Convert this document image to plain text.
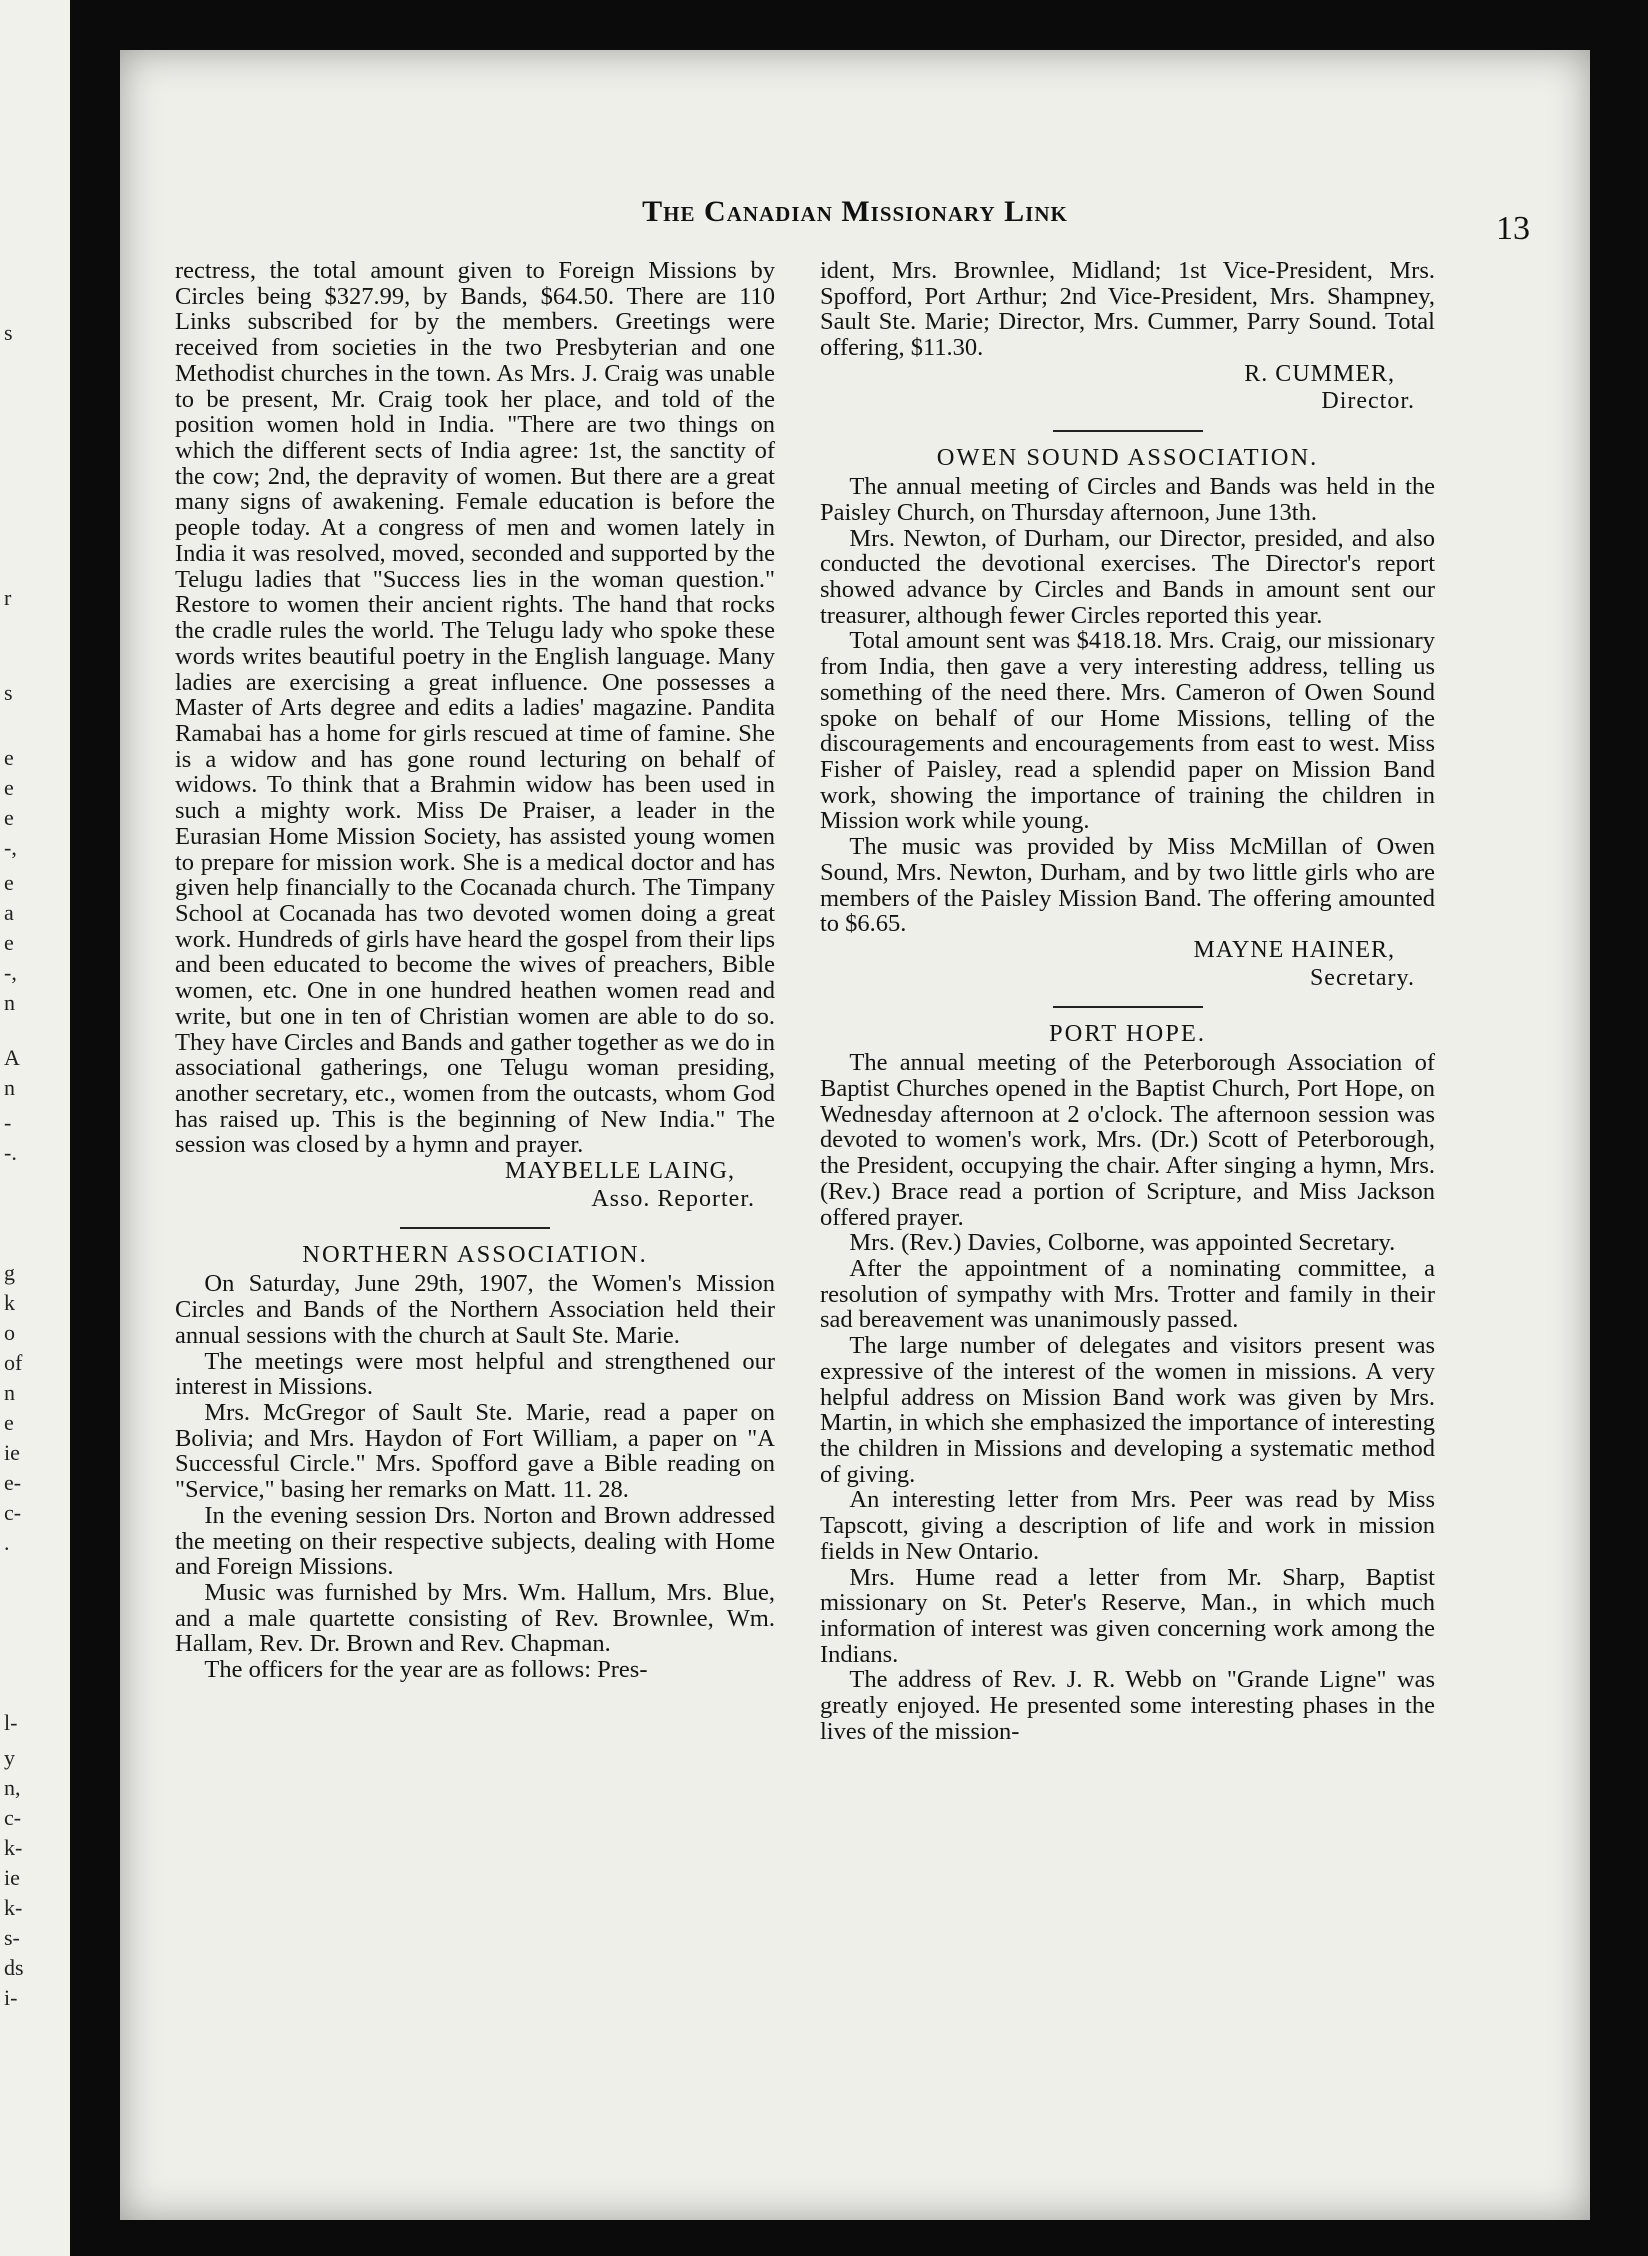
s
r
s
e
e
e
-,
e
a
e
-,
n
A
n
-
-.
g
k
o
of
n
e
ie
e-
c-
.
l-
y
n,
c-
k-
ie
k-
s-
ds
i-
The Canadian Missionary Link	13

rectress, the total amount given to Foreign Missions by Circles being $327.99, by Bands, $64.50. There are 110 Links subscribed for by the members. Greetings were received from societies in the two Presbyterian and one Methodist churches in the town. As Mrs. J. Craig was unable to be present, Mr. Craig took her place, and told of the position women hold in India. "There are two things on which the different sects of India agree: 1st, the sanctity of the cow; 2nd, the depravity of women. But there are a great many signs of awakening. Female education is before the people today. At a congress of men and women lately in India it was resolved, moved, seconded and supported by the Telugu ladies that "Success lies in the woman question." Restore to women their ancient rights. The hand that rocks the cradle rules the world. The Telugu lady who spoke these words writes beautiful poetry in the English language. Many ladies are exercising a great influence. One possesses a Master of Arts degree and edits a ladies' magazine. Pandita Ramabai has a home for girls rescued at time of famine. She is a widow and has gone round lecturing on behalf of widows. To think that a Brahmin widow has been used in such a mighty work. Miss De Praiser, a leader in the Eurasian Home Mission Society, has assisted young women to prepare for mission work. She is a medical doctor and has given help financially to the Cocanada church. The Timpany School at Cocanada has two devoted women doing a great work. Hundreds of girls have heard the gospel from their lips and been educated to become the wives of preachers, Bible women, etc. One in one hundred heathen women read and write, but one in ten of Christian women are able to do so. They have Circles and Bands and gather together as we do in associational gatherings, one Telugu woman presiding, another secretary, etc., women from the outcasts, whom God has raised up. This is the beginning of New India." The session was closed by a hymn and prayer.

MAYBELLE LAING,
Asso. Reporter.
NORTHERN ASSOCIATION.

On Saturday, June 29th, 1907, the Women's Mission Circles and Bands of the Northern Association held their annual sessions with the church at Sault Ste. Marie.

The meetings were most helpful and strengthened our interest in Missions.

Mrs. McGregor of Sault Ste. Marie, read a paper on Bolivia; and Mrs. Haydon of Fort William, a paper on "A Successful Circle." Mrs. Spofford gave a Bible reading on "Service," basing her remarks on Matt. 11. 28.

In the evening session Drs. Norton and Brown addressed the meeting on their respective subjects, dealing with Home and Foreign Missions.

Music was furnished by Mrs. Wm. Hallum, Mrs. Blue, and a male quartette consisting of Rev. Brownlee, Wm. Hallam, Rev. Dr. Brown and Rev. Chapman.

The officers for the year are as follows: Pres-

ident, Mrs. Brownlee, Midland; 1st Vice-President, Mrs. Spofford, Port Arthur; 2nd Vice-President, Mrs. Shampney, Sault Ste. Marie; Director, Mrs. Cummer, Parry Sound. Total offering, $11.30.

R. CUMMER,
Director.
OWEN SOUND ASSOCIATION.

The annual meeting of Circles and Bands was held in the Paisley Church, on Thursday afternoon, June 13th.

Mrs. Newton, of Durham, our Director, presided, and also conducted the devotional exercises. The Director's report showed advance by Circles and Bands in amount sent our treasurer, although fewer Circles reported this year.

Total amount sent was $418.18. Mrs. Craig, our missionary from India, then gave a very interesting address, telling us something of the need there. Mrs. Cameron of Owen Sound spoke on behalf of our Home Missions, telling of the discouragements and encouragements from east to west. Miss Fisher of Paisley, read a splendid paper on Mission Band work, showing the importance of training the children in Mission work while young.

The music was provided by Miss McMillan of Owen Sound, Mrs. Newton, Durham, and by two little girls who are members of the Paisley Mission Band. The offering amounted to $6.65.

MAYNE HAINER,
Secretary.
PORT HOPE.

The annual meeting of the Peterborough Association of Baptist Churches opened in the Baptist Church, Port Hope, on Wednesday afternoon at 2 o'clock. The afternoon session was devoted to women's work, Mrs. (Dr.) Scott of Peterborough, the President, occupying the chair. After singing a hymn, Mrs. (Rev.) Brace read a portion of Scripture, and Miss Jackson offered prayer.

Mrs. (Rev.) Davies, Colborne, was appointed Secretary.

After the appointment of a nominating committee, a resolution of sympathy with Mrs. Trotter and family in their sad bereavement was unanimously passed.

The large number of delegates and visitors present was expressive of the interest of the women in missions. A very helpful address on Mission Band work was given by Mrs. Martin, in which she emphasized the importance of interesting the children in Missions and developing a systematic method of giving.

An interesting letter from Mrs. Peer was read by Miss Tapscott, giving a description of life and work in mission fields in New Ontario.

Mrs. Hume read a letter from Mr. Sharp, Baptist missionary on St. Peter's Reserve, Man., in which much information of interest was given concerning work among the Indians.

The address of Rev. J. R. Webb on "Grande Ligne" was greatly enjoyed. He presented some interesting phases in the lives of the mission-
